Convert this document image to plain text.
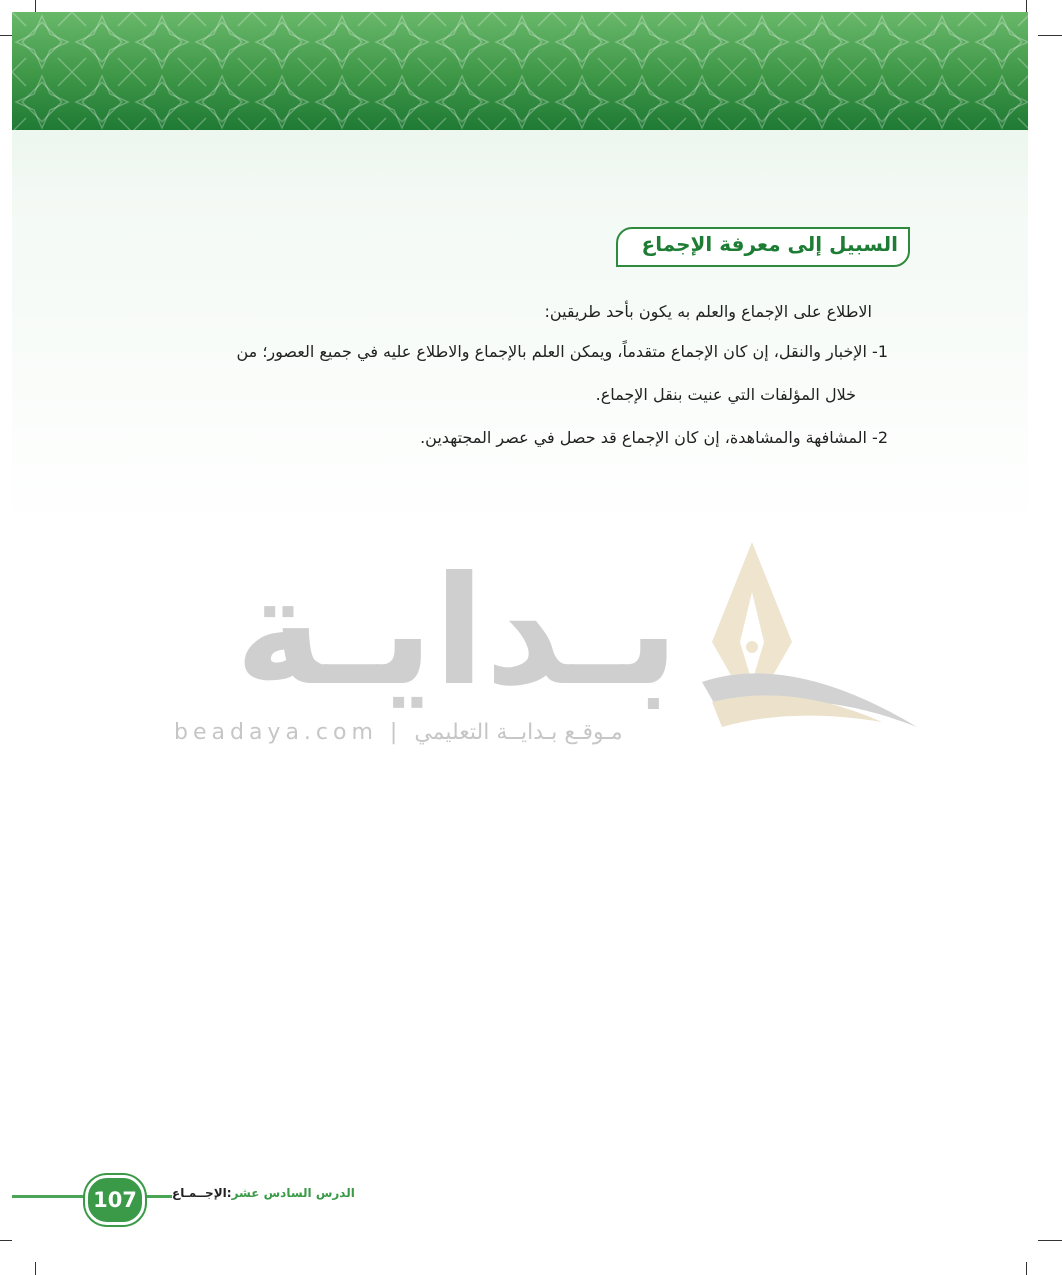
السبيل إلى معرفة الإجماع
الاطلاع على الإجماع والعلم به يكون بأحد طريقين:
1- الإخبار والنقل، إن كان الإجماع متقدماً، ويمكن العلم بالإجماع والاطلاع عليه في جميع العصور؛ من
خلال المؤلفات التي عنيت بنقل الإجماع.
2- المشافهة والمشاهدة، إن كان الإجماع قد حصل في عصر المجتهدين.
بـدايـة
beadaya.com | مـوقـع بـدايــة التعليمي
107	الدرس السادس عشر:الإجــمـاع
